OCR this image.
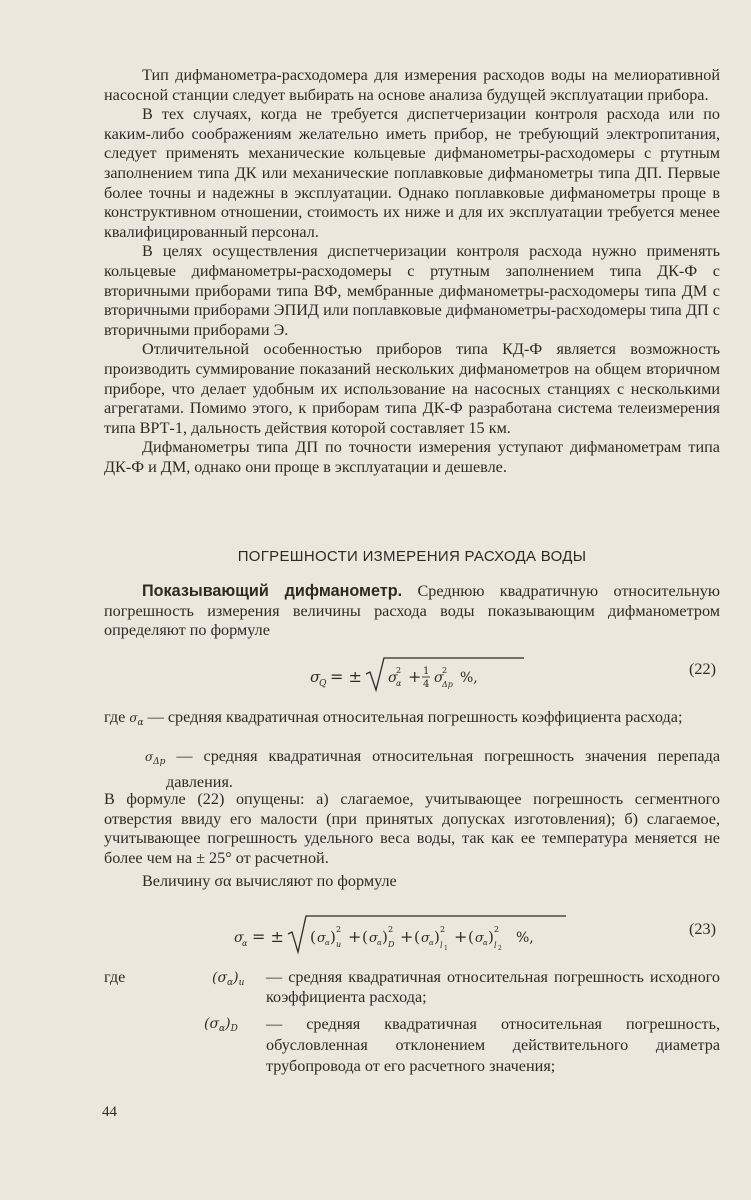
Тип дифманометра-расходомера для измерения расходов воды на мелиоративной насосной станции следует выбирать на основе анализа будущей эксплуатации прибора.

В тех случаях, когда не требуется диспетчеризации контроля расхода или по каким-либо соображениям желательно иметь прибор, не требующий электропитания, следует применять механические кольцевые дифманометры-расходомеры с ртутным заполнением типа ДК или механические поплавковые дифманометры типа ДП. Первые более точны и надежны в эксплуатации. Однако поплавковые дифманометры проще в конструктивном отношении, стоимость их ниже и для их эксплуатации требуется менее квалифицированный персонал.

В целях осуществления диспетчеризации контроля расхода нужно применять кольцевые дифманометры-расходомеры с ртутным заполнением типа ДК-Ф с вторичными приборами типа ВФ, мембранные дифманометры-расходомеры типа ДМ с вторичными приборами ЭПИД или поплавковые дифманометры-расходомеры типа ДП с вторичными приборами Э.

Отличительной особенностью приборов типа КД-Ф является возможность производить суммирование показаний нескольких дифманометров на общем вторичном приборе, что делает удобным их использование на насосных станциях с несколькими агрегатами. Помимо этого, к приборам типа ДК-Ф разработана система телеизмерения типа ВРТ-1, дальность действия которой составляет 15 км.

Дифманометры типа ДП по точности измерения уступают дифманометрам типа ДК-Ф и ДМ, однако они проще в эксплуатации и дешевле.

ПОГРЕШНОСТИ ИЗМЕРЕНИЯ РАСХОДА ВОДЫ

Показывающий дифманометр. Среднюю квадратичную относительную погрешность измерения величины расхода воды показывающим дифманометром определяют по формуле

σ
Q = ± σ
α
2 + 1
4 σ
Δp
2 %,	(22)
где $\sigma_\alpha$ — средняя квадратичная относительная погрешность коэффициента расхода;
$\sigma_{\Delta p}$ — средняя квадратичная относительная погрешность значения перепада давления.

В формуле (22) опущены: а) слагаемое, учитывающее погрешность сегментного отверстия ввиду его малости (при принятых допусках изготовления); б) слагаемое, учитывающее погрешность удельного веса воды, так как ее температура меняется не более чем на ± 25° от расчетной.

Величину σα вычисляют по формуле

σ
α = ± ( σ α ) и
2 + ( σ α ) D
2 + ( σ α ) l 1
2 + ( σ α ) l 2
2
%,	(23)
где	$(\sigma_\alpha)_и$	— средняя квадратичная относительная погрешность исходного коэффициента расхода;
$(\sigma_\alpha)_D$	— средняя квадратичная относительная погрешность, обусловленная отклонением действительного диаметра трубопровода от его расчетного значения;
44
